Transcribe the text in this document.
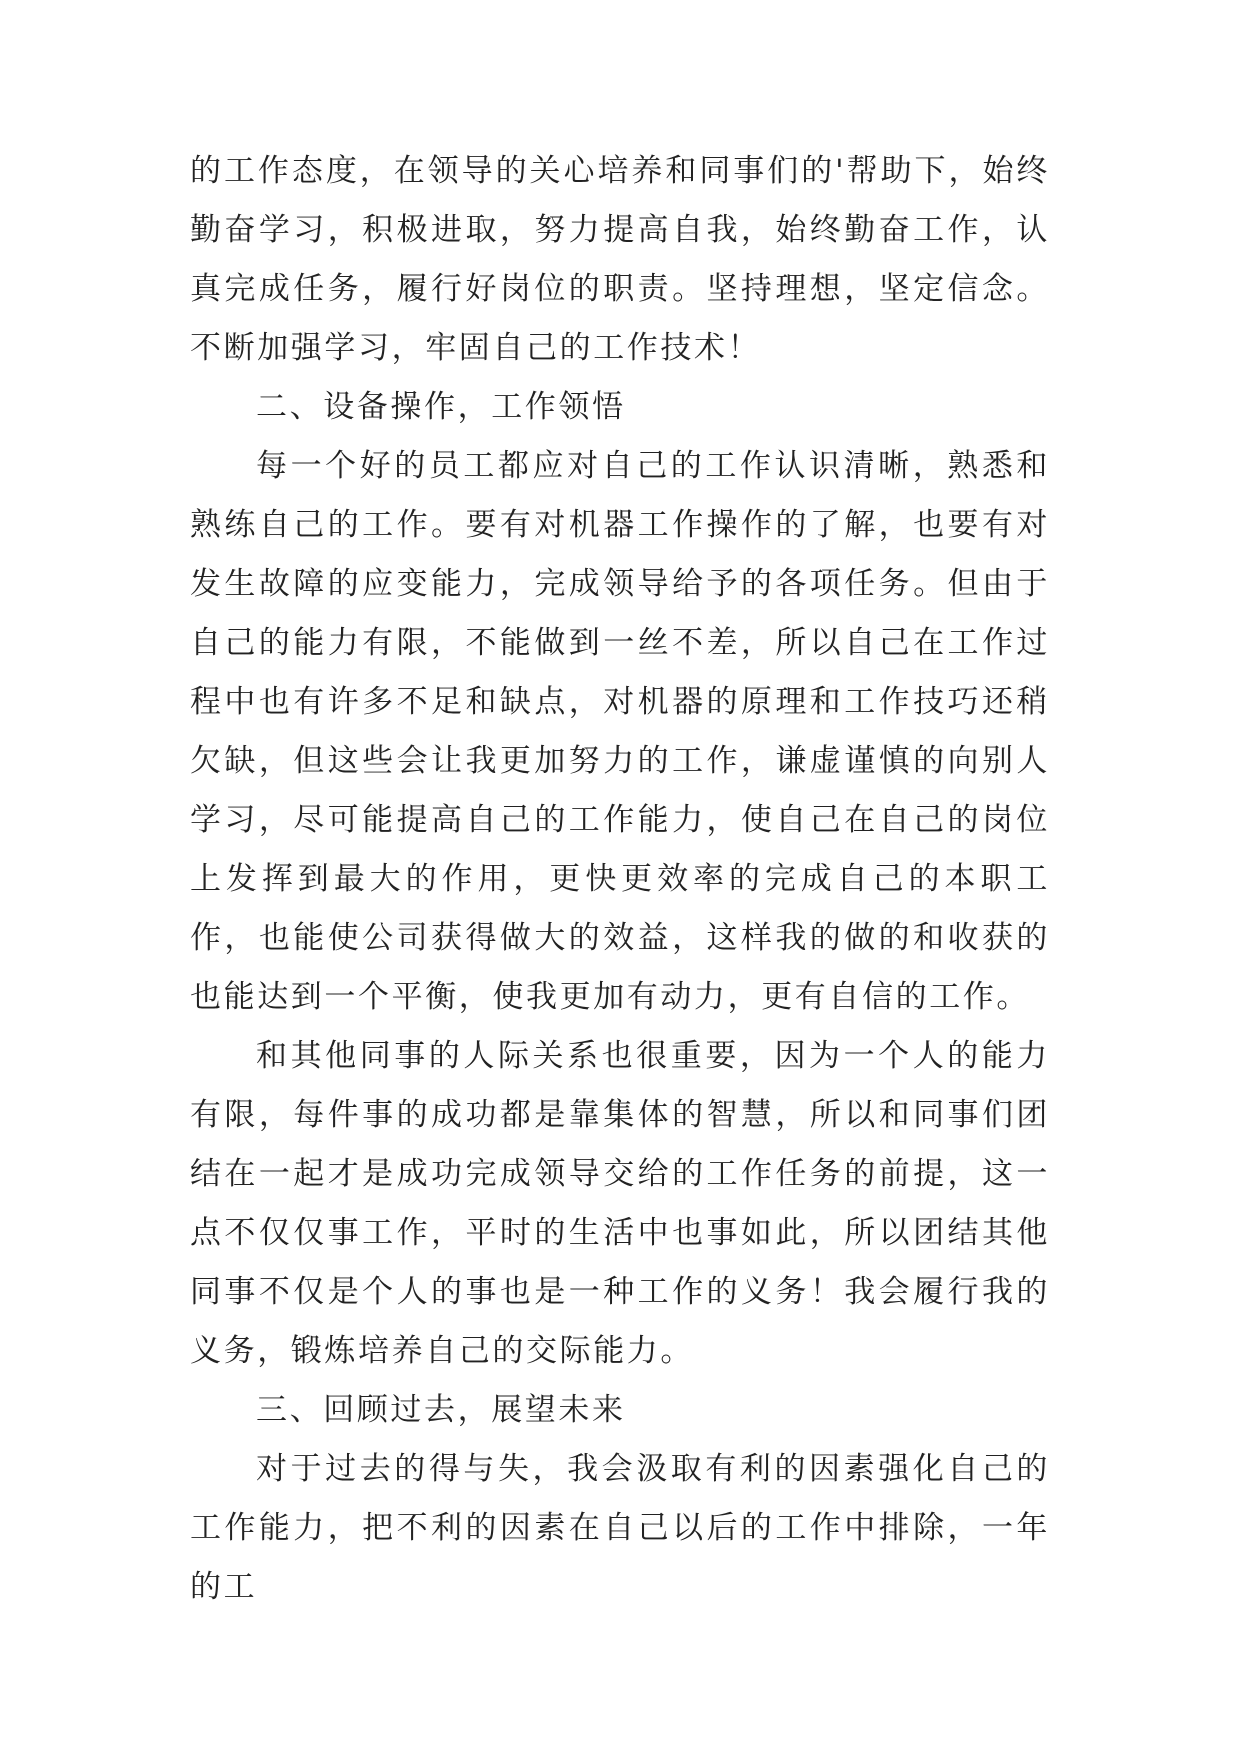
的工作态度，在领导的关心培养和同事们的'帮助下，始终勤奋学习，积极进取，努力提高自我，始终勤奋工作，认真完成任务，履行好岗位的职责。坚持理想，坚定信念。不断加强学习，牢固自己的工作技术！

二、设备操作，工作领悟

每一个好的员工都应对自己的工作认识清晰，熟悉和熟练自己的工作。要有对机器工作操作的了解，也要有对发生故障的应变能力，完成领导给予的各项任务。但由于自己的能力有限，不能做到一丝不差，所以自己在工作过程中也有许多不足和缺点，对机器的原理和工作技巧还稍欠缺，但这些会让我更加努力的工作，谦虚谨慎的向别人学习，尽可能提高自己的工作能力，使自己在自己的岗位上发挥到最大的作用，更快更效率的完成自己的本职工作，也能使公司获得做大的效益，这样我的做的和收获的也能达到一个平衡，使我更加有动力，更有自信的工作。

和其他同事的人际关系也很重要，因为一个人的能力有限，每件事的成功都是靠集体的智慧，所以和同事们团结在一起才是成功完成领导交给的工作任务的前提，这一点不仅仅事工作，平时的生活中也事如此，所以团结其他同事不仅是个人的事也是一种工作的义务！我会履行我的义务，锻炼培养自己的交际能力。

三、回顾过去，展望未来

对于过去的得与失，我会汲取有利的因素强化自己的工作能力，把不利的因素在自己以后的工作中排除，一年的工
